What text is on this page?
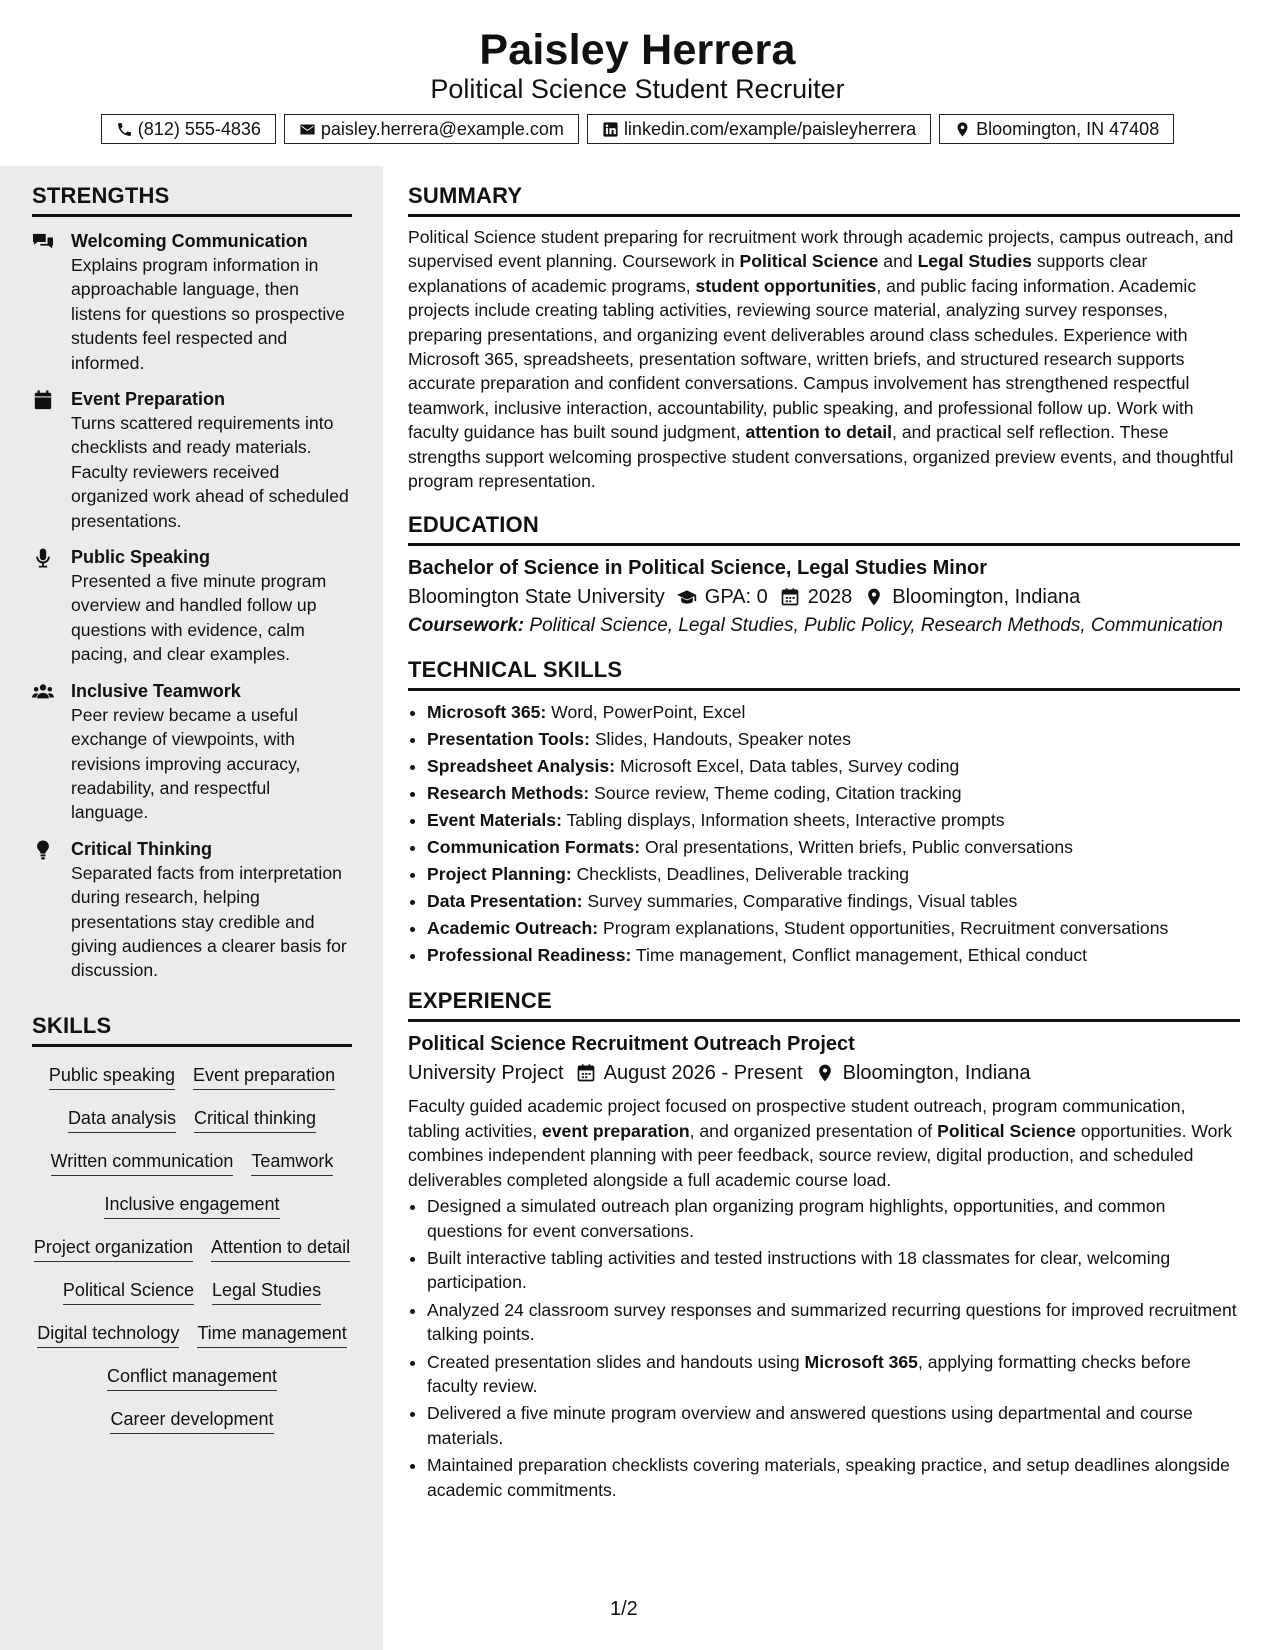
Paisley Herrera
Political Science Student Recruiter
(812) 555-4836	paisley.herrera@example.com	linkedin.com/example/paisleyherrera	Bloomington, IN 47408
STRENGTHS
Welcoming Communication
Explains program information in approachable language, then listens for questions so prospective students feel respected and informed.
Event Preparation
Turns scattered requirements into checklists and ready materials. Faculty reviewers received organized work ahead of scheduled presentations.
Public Speaking
Presented a five minute program overview and handled follow up questions with evidence, calm pacing, and clear examples.
Inclusive Teamwork
Peer review became a useful exchange of viewpoints, with revisions improving accuracy, readability, and respectful language.
Critical Thinking
Separated facts from interpretation during research, helping presentations stay credible and giving audiences a clearer basis for discussion.
SKILLS
Public speaking Event preparation
Data analysis Critical thinking
Written communication Teamwork
Inclusive engagement
Project organization Attention to detail
Political Science Legal Studies
Digital technology Time management
Conflict management
Career development
SUMMARY
Political Science student preparing for recruitment work through academic projects, campus outreach, and supervised event planning. Coursework in Political Science and Legal Studies supports clear explanations of academic programs, student opportunities, and public facing information. Academic projects include creating tabling activities, reviewing source material, analyzing survey responses, preparing presentations, and organizing event deliverables around class schedules. Experience with Microsoft 365, spreadsheets, presentation software, written briefs, and structured research supports accurate preparation and confident conversations. Campus involvement has strengthened respectful teamwork, inclusive interaction, accountability, public speaking, and professional follow up. Work with faculty guidance has built sound judgment, attention to detail, and practical self reflection. These strengths support welcoming prospective student conversations, organized preview events, and thoughtful program representation.
EDUCATION
Bachelor of Science in Political Science, Legal Studies Minor
Bloomington State University GPA: 0 2028 Bloomington, Indiana
Coursework: Political Science, Legal Studies, Public Policy, Research Methods, Communication
TECHNICAL SKILLS
• Microsoft 365: Word, PowerPoint, Excel
• Presentation Tools: Slides, Handouts, Speaker notes
• Spreadsheet Analysis: Microsoft Excel, Data tables, Survey coding
• Research Methods: Source review, Theme coding, Citation tracking
• Event Materials: Tabling displays, Information sheets, Interactive prompts
• Communication Formats: Oral presentations, Written briefs, Public conversations
• Project Planning: Checklists, Deadlines, Deliverable tracking
• Data Presentation: Survey summaries, Comparative findings, Visual tables
• Academic Outreach: Program explanations, Student opportunities, Recruitment conversations
• Professional Readiness: Time management, Conflict management, Ethical conduct
EXPERIENCE
Political Science Recruitment Outreach Project
University Project August 2026 - Present Bloomington, Indiana
Faculty guided academic project focused on prospective student outreach, program communication, tabling activities, event preparation, and organized presentation of Political Science opportunities. Work combines independent planning with peer feedback, source review, digital production, and scheduled deliverables completed alongside a full academic course load.
• Designed a simulated outreach plan organizing program highlights, opportunities, and common questions for event conversations.
• Built interactive tabling activities and tested instructions with 18 classmates for clear, welcoming participation.
• Analyzed 24 classroom survey responses and summarized recurring questions for improved recruitment talking points.
• Created presentation slides and handouts using Microsoft 365, applying formatting checks before faculty review.
• Delivered a five minute program overview and answered questions using departmental and course materials.
• Maintained preparation checklists covering materials, speaking practice, and setup deadlines alongside academic commitments.
1/2
